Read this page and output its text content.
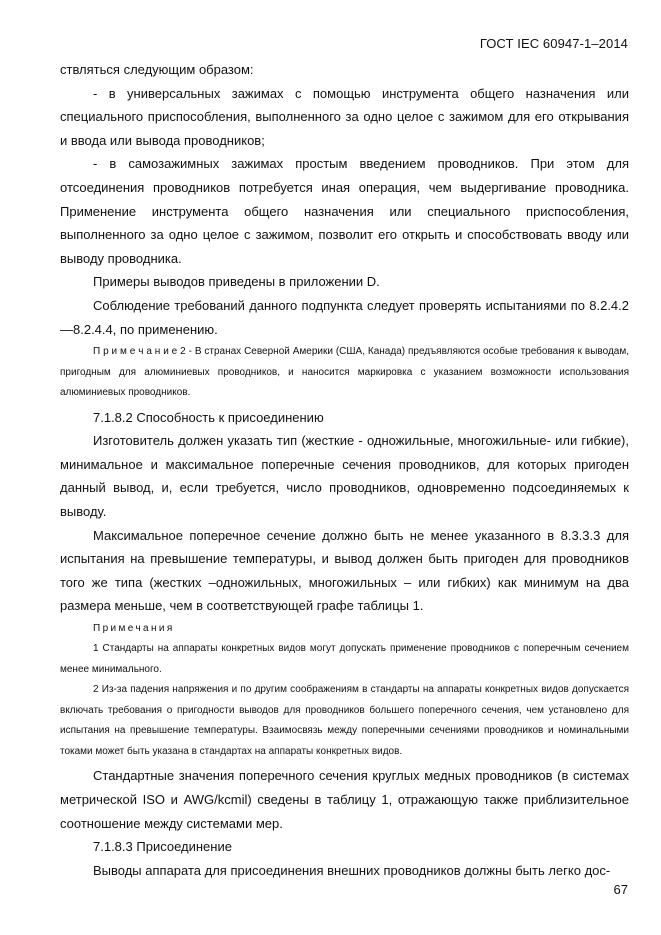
ГОСТ IEC 60947-1–2014

ствляться следующим образом:

- в универсальных зажимах с помощью инструмента общего назначения или специального приспособления, выполненного за одно целое с зажимом для его открывания и ввода или вывода проводников;

- в самозажимных зажимах простым введением проводников. При этом для отсоединения проводников потребуется иная операция, чем выдергивание проводника. Применение инструмента общего назначения или специального приспособления, выполненного за одно целое с зажимом, позволит его открыть и способствовать вводу или выводу проводника.

Примеры выводов приведены в приложении D.

Соблюдение требований данного подпункта следует проверять испытаниями по 8.2.4.2—8.2.4.4, по применению.

П р и м е ч а н и е 2 - В странах Северной Америки (США, Канада) предъявляются особые требования к выводам, пригодным для алюминиевых проводников, и наносится маркировка с указанием возможности использования алюминиевых проводников.

7.1.8.2 Способность к присоединению

Изготовитель должен указать тип (жесткие - одножильные, многожильные- или гибкие), минимальное и максимальное поперечные сечения проводников, для которых пригоден данный вывод, и, если требуется, число проводников, одновременно подсоединяемых к выводу.

Максимальное поперечное сечение должно быть не менее указанного в 8.3.3.3 для испытания на превышение температуры, и вывод должен быть пригоден для проводников того же типа (жестких –одножильных, многожильных – или гибких) как минимум на два размера меньше, чем в соответствующей графе таблицы 1.

Примечания

1 Стандарты на аппараты конкретных видов могут допускать применение проводников с поперечным сечением менее минимального.

2 Из-за падения напряжения и по другим соображениям в стандарты на аппараты конкретных видов допускается включать требования о пригодности выводов для проводников большего поперечного сечения, чем установлено для испытания на превышение температуры. Взаимосвязь между поперечными сечениями проводников и номинальными токами может быть указана в стандартах на аппараты конкретных видов.

Стандартные значения поперечного сечения круглых медных проводников (в системах метрической ISO и AWG/kcmil) сведены в таблицу 1, отражающую также приблизительное соотношение между системами мер.

7.1.8.3 Присоединение

Выводы аппарата для присоединения внешних проводников должны быть легко дос-

67
